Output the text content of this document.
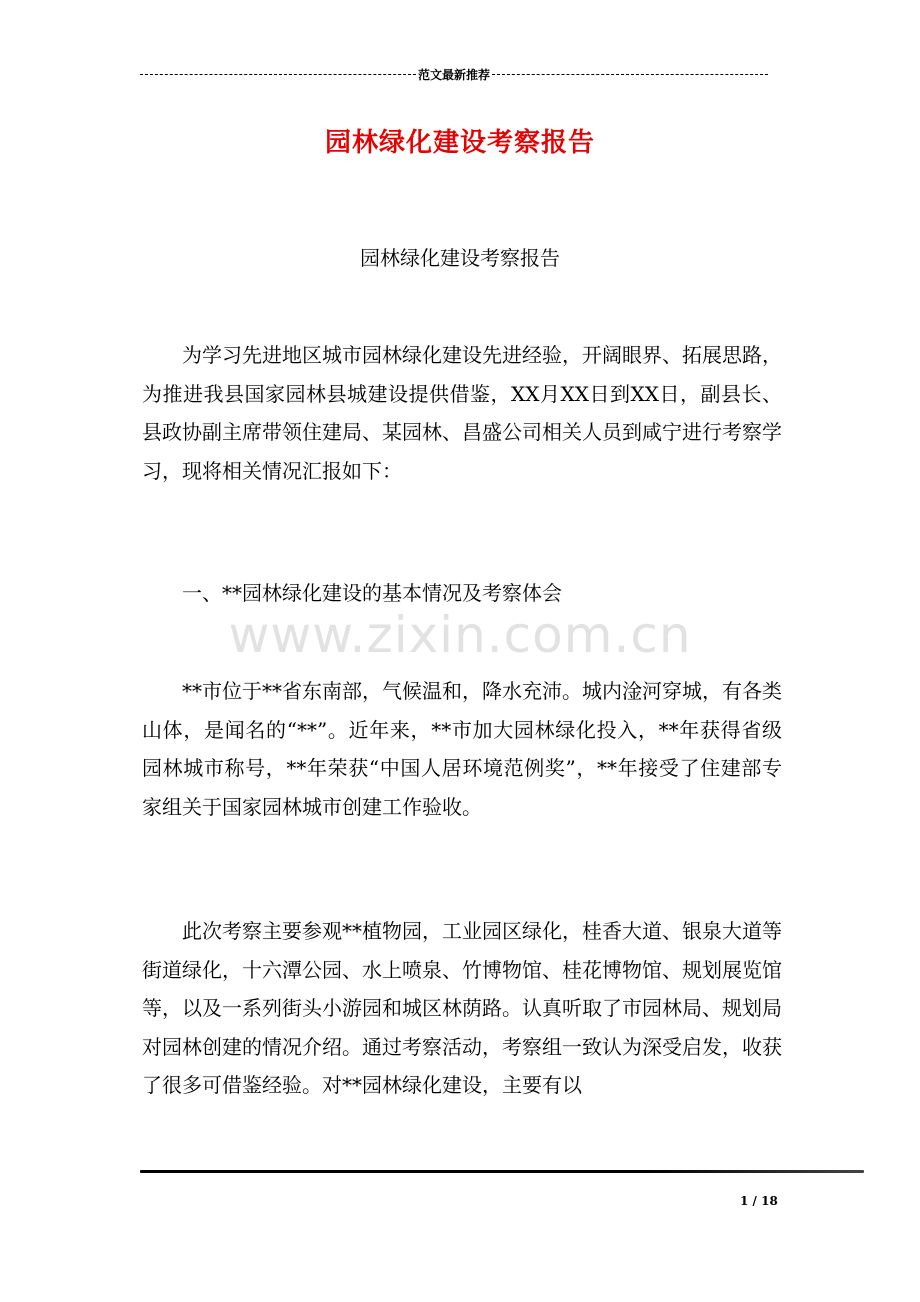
范文最新推荐
园林绿化建设考察报告
园林绿化建设考察报告
www.zixin.com.cn

为学习先进地区城市园林绿化建设先进经验，开阔眼界、拓展思路，为推进我县国家园林县城建设提供借鉴，XX月XX日到XX日，副县长、县政协副主席带领住建局、某园林、昌盛公司相关人员到咸宁进行考察学习，现将相关情况汇报如下：

一、**园林绿化建设的基本情况及考察体会

**市位于**省东南部，气候温和，降水充沛。城内淦河穿城，有各类山体，是闻名的“**”。近年来，**市加大园林绿化投入，**年获得省级园林城市称号，**年荣获“中国人居环境范例奖”，**年接受了住建部专家组关于国家园林城市创建工作验收。

此次考察主要参观**植物园，工业园区绿化，桂香大道、银泉大道等街道绿化，十六潭公园、水上喷泉、竹博物馆、桂花博物馆、规划展览馆等，以及一系列街头小游园和城区林荫路。认真听取了市园林局、规划局对园林创建的情况介绍。通过考察活动，考察组一致认为深受启发，收获了很多可借鉴经验。对**园林绿化建设，主要有以

1 / 18
